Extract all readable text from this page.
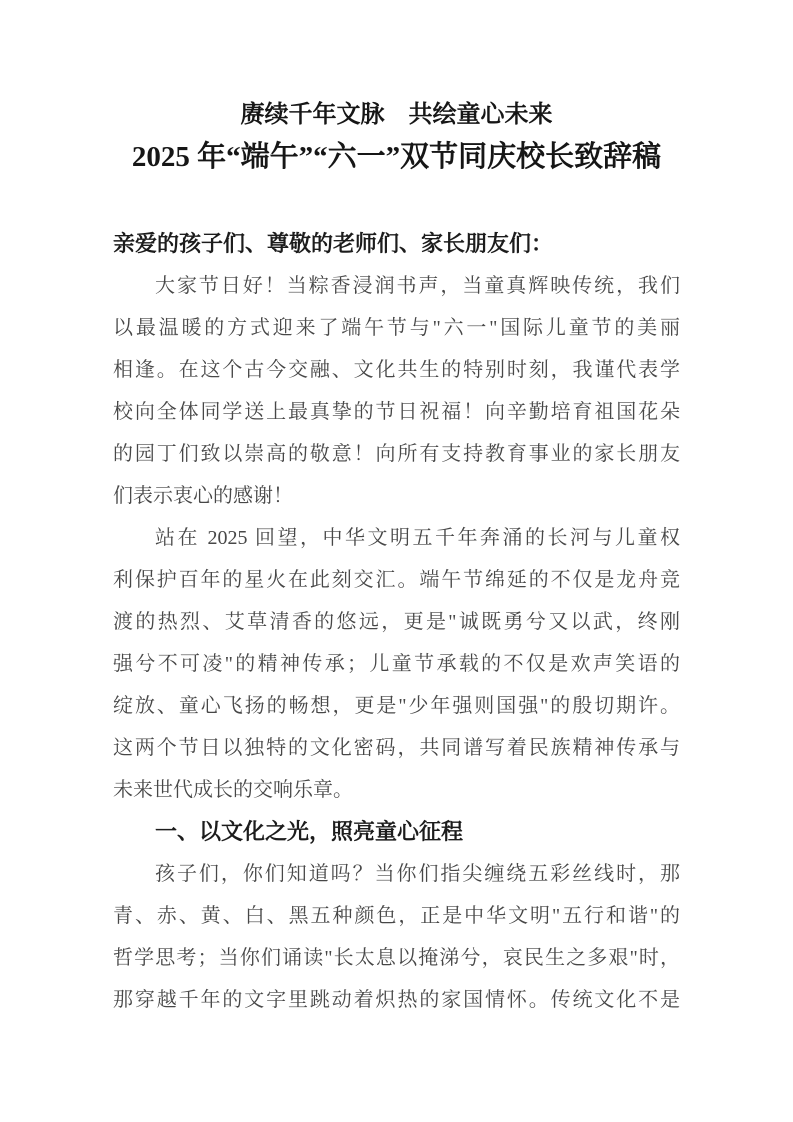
赓续千年文脉　共绘童心未来
2025 年“端午”“六一”双节同庆校长致辞稿
亲爱的孩子们、尊敬的老师们、家长朋友们：
大家节日好！当粽香浸润书声，当童真辉映传统，我们
以最温暖的方式迎来了端午节与"六一"国际儿童节的美丽
相逢。在这个古今交融、文化共生的特别时刻，我谨代表学
校向全体同学送上最真挚的节日祝福！向辛勤培育祖国花朵
的园丁们致以崇高的敬意！向所有支持教育事业的家长朋友
们表示衷心的感谢！
站在 2025 回望，中华文明五千年奔涌的长河与儿童权
利保护百年的星火在此刻交汇。端午节绵延的不仅是龙舟竞
渡的热烈、艾草清香的悠远，更是"诚既勇兮又以武，终刚
强兮不可凌"的精神传承；儿童节承载的不仅是欢声笑语的
绽放、童心飞扬的畅想，更是"少年强则国强"的殷切期许。
这两个节日以独特的文化密码，共同谱写着民族精神传承与
未来世代成长的交响乐章。
一、以文化之光，照亮童心征程
孩子们，你们知道吗？当你们指尖缠绕五彩丝线时，那
青、赤、黄、白、黑五种颜色，正是中华文明"五行和谐"的
哲学思考；当你们诵读"长太息以掩涕兮，哀民生之多艰"时，
那穿越千年的文字里跳动着炽热的家国情怀。传统文化不是
